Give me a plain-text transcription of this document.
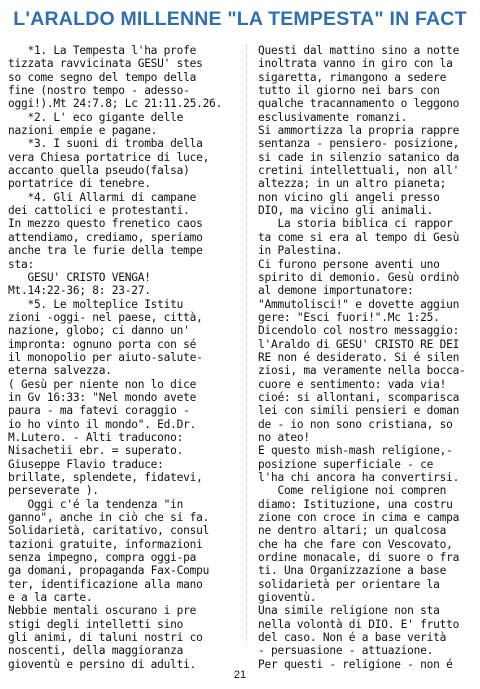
L'ARALDO MILLENNE "LA TEMPESTA" IN FACT
*1. La Tempesta l'ha profe
tizzata ravvicinata GESU' stes
so come segno del tempo della
fine (nostro tempo - adesso-
oggi!).Mt 24:7.8; Lc 21:11.25.26.
*2. L' eco gigante delle
nazioni empie e pagane.
*3. I suoni di tromba della
vera Chiesa portatrice di luce,
accanto quella pseudo(falsa)
portatrice di tenebre.
*4. Gli Allarmi di campane
dei cattolici e protestanti.
In mezzo questo frenetico caos
attendiamo, crediamo, speriamo
anche tra le furie della tempe
sta:
GESU' CRISTO VENGA!
Mt.14:22-36; 8: 23-27.
*5. Le molteplice Istitu
zioni -oggi- nel paese, città,
nazione, globo; ci danno un'
impronta: ognuno porta con sé
il monopolio per aiuto-salute-
eterna salvezza.
( Gesù per niente non lo dice
in Gv 16:33: "Nel mondo avete
paura - ma fatevi coraggio -
io ho vinto il mondo". Ed.Dr.
M.Lutero. - Alti traducono:
Nisachetii ebr. = superato.
Giuseppe Flavio traduce:
brillate, splendete, fidatevi,
perseverate ).
Oggi c'é la tendenza "in
ganno", anche in ciò che si fa.
Solidarietà, caritativo, consul
tazioni gratuite, informazioni
senza impegno, compra oggi-pa
ga domani, propaganda Fax-Compu
ter, identificazione alla mano
e a la carte.
Nebbie mentali oscurano i pre
stigi degli intelletti sino
gli animi, di taluni nostri co
noscenti, della maggioranza
gioventù e persino di adulti.
Questi dal mattino sino a notte
inoltrata vanno in giro con la
sigaretta, rimangono a sedere
tutto il giorno nei bars con
qualche tracannamento o leggono
esclusivamente romanzi.
Si ammortizza la propria rappre
sentanza - pensiero- posizione,
si cade in silenzio satanico da
cretini intellettuali, non all'
altezza; in un altro pianeta;
non vicino gli angeli presso
DIO, ma vicino gli animali.
La storia biblica ci rappor
ta come si era al tempo di Gesù
in Palestina.
Ci furono persone aventi uno
spirito di demonio. Gesù ordinò
al demone importunatore:
"Ammutolisci!" e dovette aggiun
gere: "Esci fuori!".Mc 1:25.
Dicendolo col nostro messaggio:
l'Araldo di GESU' CRISTO RE DEI
RE non é desiderato. Si é silen
ziosi, ma veramente nella bocca-
cuore e sentimento: vada via!
cioé: si allontani, scomparisca
lei con simili pensieri e doman
de - io non sono cristiana, so
no ateo!
E questo mish-mash religione,-
posizione superficiale - ce
l'ha chi ancora ha convertirsi.
Come religione noi compren
diamo: Istituzione, una costru
zione con croce in cima e campa
ne dentro altari; un qualcosa
che ha che fare con Vescovato,
ordine monacale, di suore o fra
ti. Una Organizzazione a base
solidarietà per orientare la
gioventù.
Una simile religione non sta
nella volontà di DIO. E' frutto
del caso. Non é a base verità
- persuasione - attuazione.
Per questi - religione - non é
21
